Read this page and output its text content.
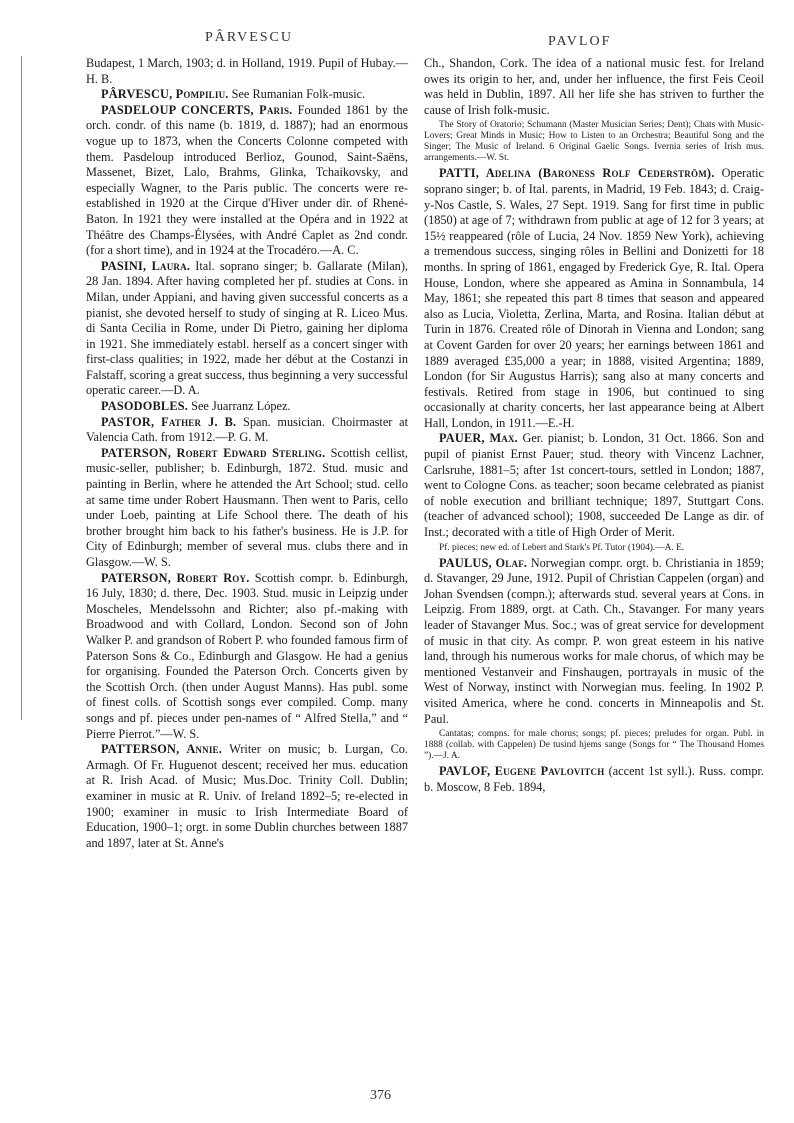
PÂRVESCU	PAVLOF

Budapest, 1 March, 1903; d. in Holland, 1919. Pupil of Hubay.—H. B.

PÂRVESCU, Pompiliu. See Rumanian Folk-music.

PASDELOUP CONCERTS, Paris. Founded 1861 by the orch. condr. of this name (b. 1819, d. 1887); had an enormous vogue up to 1873, when the Concerts Colonne competed with them. Pasdeloup introduced Berlioz, Gounod, Saint-Saëns, Massenet, Bizet, Lalo, Brahms, Glinka, Tchaikovsky, and especially Wagner, to the Paris public. The concerts were re-established in 1920 at the Cirque d'Hiver under dir. of Rhené-Baton. In 1921 they were installed at the Opéra and in 1922 at Théâtre des Champs-Élysées, with André Caplet as 2nd condr. (for a short time), and in 1924 at the Trocadéro.—A. C.

PASINI, Laura. Ital. soprano singer; b. Gallarate (Milan), 28 Jan. 1894. After having completed her pf. studies at Cons. in Milan, under Appiani, and having given successful concerts as a pianist, she devoted herself to study of singing at R. Liceo Mus. di Santa Cecilia in Rome, under Di Pietro, gaining her diploma in 1921. She immediately establ. herself as a concert singer with first-class qualities; in 1922, made her début at the Costanzi in Falstaff, scoring a great success, thus beginning a very successful operatic career.—D. A.

PASODOBLES. See Juarranz López.

PASTOR, Father J. B. Span. musician. Choirmaster at Valencia Cath. from 1912.—P. G. M.

PATERSON, Robert Edward Sterling. Scottish cellist, music-seller, publisher; b. Edinburgh, 1872. Stud. music and painting in Berlin, where he attended the Art School; stud. cello at same time under Robert Hausmann. Then went to Paris, cello under Loeb, painting at Life School there. The death of his brother brought him back to his father's business. He is J.P. for City of Edinburgh; member of several mus. clubs there and in Glasgow.—W. S.

PATERSON, Robert Roy. Scottish compr. b. Edinburgh, 16 July, 1830; d. there, Dec. 1903. Stud. music in Leipzig under Moscheles, Mendelssohn and Richter; also pf.-making with Broadwood and with Collard, London. Second son of John Walker P. and grandson of Robert P. who founded famous firm of Paterson Sons & Co., Edinburgh and Glasgow. He had a genius for organising. Founded the Paterson Orch. Concerts given by the Scottish Orch. (then under August Manns). Has publ. some of finest colls. of Scottish songs ever compiled. Comp. many songs and pf. pieces under pen-names of “ Alfred Stella,” and “ Pierre Pierrot.”—W. S.

PATTERSON, Annie. Writer on music; b. Lurgan, Co. Armagh. Of Fr. Huguenot descent; received her mus. education at R. Irish Acad. of Music; Mus.Doc. Trinity Coll. Dublin; examiner in music at R. Univ. of Ireland 1892–5; re-elected in 1900; examiner in music to Irish Intermediate Board of Education, 1900–1; orgt. in some Dublin churches between 1887 and 1897, later at St. Anne's

Ch., Shandon, Cork. The idea of a national music fest. for Ireland owes its origin to her, and, under her influence, the first Feis Ceoil was held in Dublin, 1897. All her life she has striven to further the cause of Irish folk-music.

The Story of Oratorio; Schumann (Master Musician Series; Dent); Chats with Music-Lovers; Great Minds in Music; How to Listen to an Orchestra; Beautiful Song and the Singer; The Music of Ireland. 6 Original Gaelic Songs. Ivernia series of Irish mus. arrangements.—W. St.

PATTI, Adelina (Baroness Rolf Cederström). Operatic soprano singer; b. of Ital. parents, in Madrid, 19 Feb. 1843; d. Craig-y-Nos Castle, S. Wales, 27 Sept. 1919. Sang for first time in public (1850) at age of 7; withdrawn from public at age of 12 for 3 years; at 15½ reappeared (rôle of Lucia, 24 Nov. 1859 New York), achieving a tremendous success, singing rôles in Bellini and Donizetti for 18 months. In spring of 1861, engaged by Frederick Gye, R. Ital. Opera House, London, where she appeared as Amina in Sonnambula, 14 May, 1861; she repeated this part 8 times that season and appeared also as Lucia, Violetta, Zerlina, Marta, and Rosina. Italian début at Turin in 1876. Created rôle of Dinorah in Vienna and London; sang at Covent Garden for over 20 years; her earnings between 1861 and 1889 averaged £35,000 a year; in 1888, visited Argentina; 1889, London (for Sir Augustus Harris); sang also at many concerts and festivals. Retired from stage in 1906, but continued to sing occasionally at charity concerts, her last appearance being at Albert Hall, London, in 1911.—E.-H.

PAUER, Max. Ger. pianist; b. London, 31 Oct. 1866. Son and pupil of pianist Ernst Pauer; stud. theory with Vincenz Lachner, Carlsruhe, 1881–5; after 1st concert-tours, settled in London; 1887, went to Cologne Cons. as teacher; soon became celebrated as pianist of noble execution and brilliant technique; 1897, Stuttgart Cons. (teacher of advanced school); 1908, succeeded De Lange as dir. of Inst.; decorated with a title of High Order of Merit.

Pf. pieces; new ed. of Lebert and Stark's Pf. Tutor (1904).—A. E.

PAULUS, Olaf. Norwegian compr. orgt. b. Christiania in 1859; d. Stavanger, 29 June, 1912. Pupil of Christian Cappelen (organ) and Johan Svendsen (compn.); afterwards stud. several years at Cons. in Leipzig. From 1889, orgt. at Cath. Ch., Stavanger. For many years leader of Stavanger Mus. Soc.; was of great service for development of music in that city. As compr. P. won great esteem in his native land, through his numerous works for male chorus, of which may be mentioned Vestanveir and Finshaugen, portrayals in music of the West of Norway, instinct with Norwegian mus. feeling. In 1902 P. visited America, where he cond. concerts in Minneapolis and St. Paul.

Cantatas; compns. for male chorus; songs; pf. pieces; preludes for organ. Publ. in 1888 (collab. with Cappelen) De tusind hjems sange (Songs for “ The Thousand Homes ”).—J. A.

PAVLOF, Eugene Pavlovitch (accent 1st syll.). Russ. compr. b. Moscow, 8 Feb. 1894,

376
